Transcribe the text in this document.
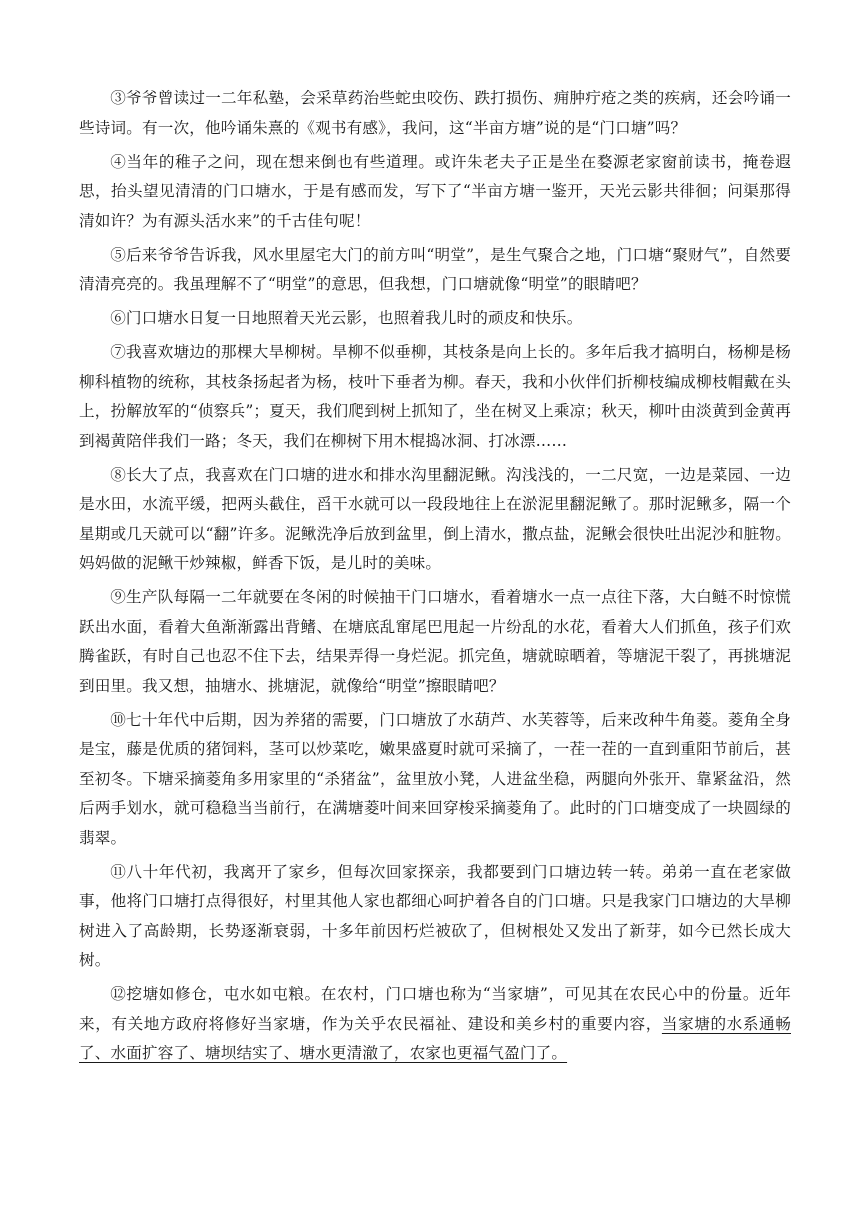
③爷爷曾读过一二年私塾，会采草药治些蛇虫咬伤、跌打损伤、痈肿疔疮之类的疾病，还会吟诵一些诗词。有一次，他吟诵朱熹的《观书有感》，我问，这“半亩方塘”说的是“门口塘”吗？

④当年的稚子之问，现在想来倒也有些道理。或许朱老夫子正是坐在婺源老家窗前读书，掩卷遐思，抬头望见清清的门口塘水，于是有感而发，写下了“半亩方塘一鉴开，天光云影共徘徊；问渠那得清如许？为有源头活水来”的千古佳句呢！

⑤后来爷爷告诉我，风水里屋宅大门的前方叫“明堂”，是生气聚合之地，门口塘“聚财气”，自然要清清亮亮的。我虽理解不了“明堂”的意思，但我想，门口塘就像“明堂”的眼睛吧？

⑥门口塘水日复一日地照着天光云影，也照着我儿时的顽皮和快乐。

⑦我喜欢塘边的那棵大旱柳树。旱柳不似垂柳，其枝条是向上长的。多年后我才搞明白，杨柳是杨柳科植物的统称，其枝条扬起者为杨，枝叶下垂者为柳。春天，我和小伙伴们折柳枝编成柳枝帽戴在头上，扮解放军的“侦察兵”；夏天，我们爬到树上抓知了，坐在树叉上乘凉；秋天，柳叶由淡黄到金黄再到褐黄陪伴我们一路；冬天，我们在柳树下用木棍捣冰洞、打冰漂……

⑧长大了点，我喜欢在门口塘的进水和排水沟里翻泥鳅。沟浅浅的，一二尺宽，一边是菜园、一边是水田，水流平缓，把两头截住，舀干水就可以一段段地往上在淤泥里翻泥鳅了。那时泥鳅多，隔一个星期或几天就可以“翻”许多。泥鳅洗净后放到盆里，倒上清水，撒点盐，泥鳅会很快吐出泥沙和脏物。妈妈做的泥鳅干炒辣椒，鲜香下饭，是儿时的美味。

⑨生产队每隔一二年就要在冬闲的时候抽干门口塘水，看着塘水一点一点往下落，大白鲢不时惊慌跃出水面，看着大鱼渐渐露出背鳍、在塘底乱窜尾巴甩起一片纷乱的水花，看着大人们抓鱼，孩子们欢腾雀跃，有时自己也忍不住下去，结果弄得一身烂泥。抓完鱼，塘就晾晒着，等塘泥干裂了，再挑塘泥到田里。我又想，抽塘水、挑塘泥，就像给“明堂”擦眼睛吧？

⑩七十年代中后期，因为养猪的需要，门口塘放了水葫芦、水芙蓉等，后来改种牛角菱。菱角全身是宝，藤是优质的猪饲料，茎可以炒菜吃，嫩果盛夏时就可采摘了，一茬一茬的一直到重阳节前后，甚至初冬。下塘采摘菱角多用家里的“杀猪盆”，盆里放小凳，人进盆坐稳，两腿向外张开、靠紧盆沿，然后两手划水，就可稳稳当当前行，在满塘菱叶间来回穿梭采摘菱角了。此时的门口塘变成了一块圆绿的翡翠。

⑪八十年代初，我离开了家乡，但每次回家探亲，我都要到门口塘边转一转。弟弟一直在老家做事，他将门口塘打点得很好，村里其他人家也都细心呵护着各自的门口塘。只是我家门口塘边的大旱柳树进入了高龄期，长势逐渐衰弱，十多年前因朽烂被砍了，但树根处又发出了新芽，如今已然长成大树。

⑫挖塘如修仓，屯水如屯粮。在农村，门口塘也称为“当家塘”，可见其在农民心中的份量。近年来，有关地方政府将修好当家塘，作为关乎农民福祉、建设和美乡村的重要内容，当家塘的水系通畅了、水面扩容了、塘坝结实了、塘水更清澈了，农家也更福气盈门了。
